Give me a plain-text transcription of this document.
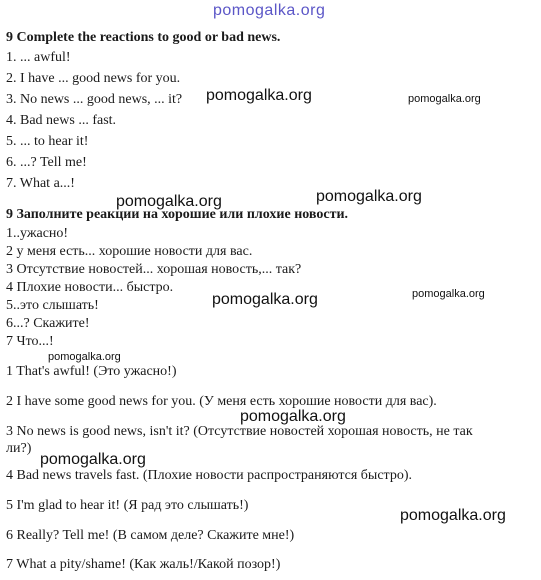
pomogalka.org
9 Complete the reactions to good or bad news.
1. ... awful!
2. I have ... good news for you.
3. No news ... good news, ... it?
4. Bad news ... fast.
5. ... to hear it!
6. ...? Tell me!
7. What a...!
9 Заполните реакции на хорошие или плохие новости.
1..ужасно!
2 у меня есть... хорошие новости для вас.
3 Отсутствие новостей... хорошая новость,... так?
4 Плохие новости... быстро.
5..это слышать!
6...? Скажите!
7 Что...!
1 That's awful! (Это ужасно!)
2 I have some good news for you. (У меня есть хорошие новости для вас).
3 No news is good news, isn't it? (Отсутствие новостей хорошая новость, не так
ли?)
4 Bad news travels fast. (Плохие новости распространяются быстро).
5 I'm glad to hear it! (Я рад это слышать!)
6 Really? Tell me! (В самом деле? Скажите мне!)
7 What a pity/shame! (Как жаль!/Какой позор!)
pomogalka.org	pomogalka.org
pomogalka.org	pomogalka.org
pomogalka.org	pomogalka.org
pomogalka.org
pomogalka.org
pomogalka.org
pomogalka.org
